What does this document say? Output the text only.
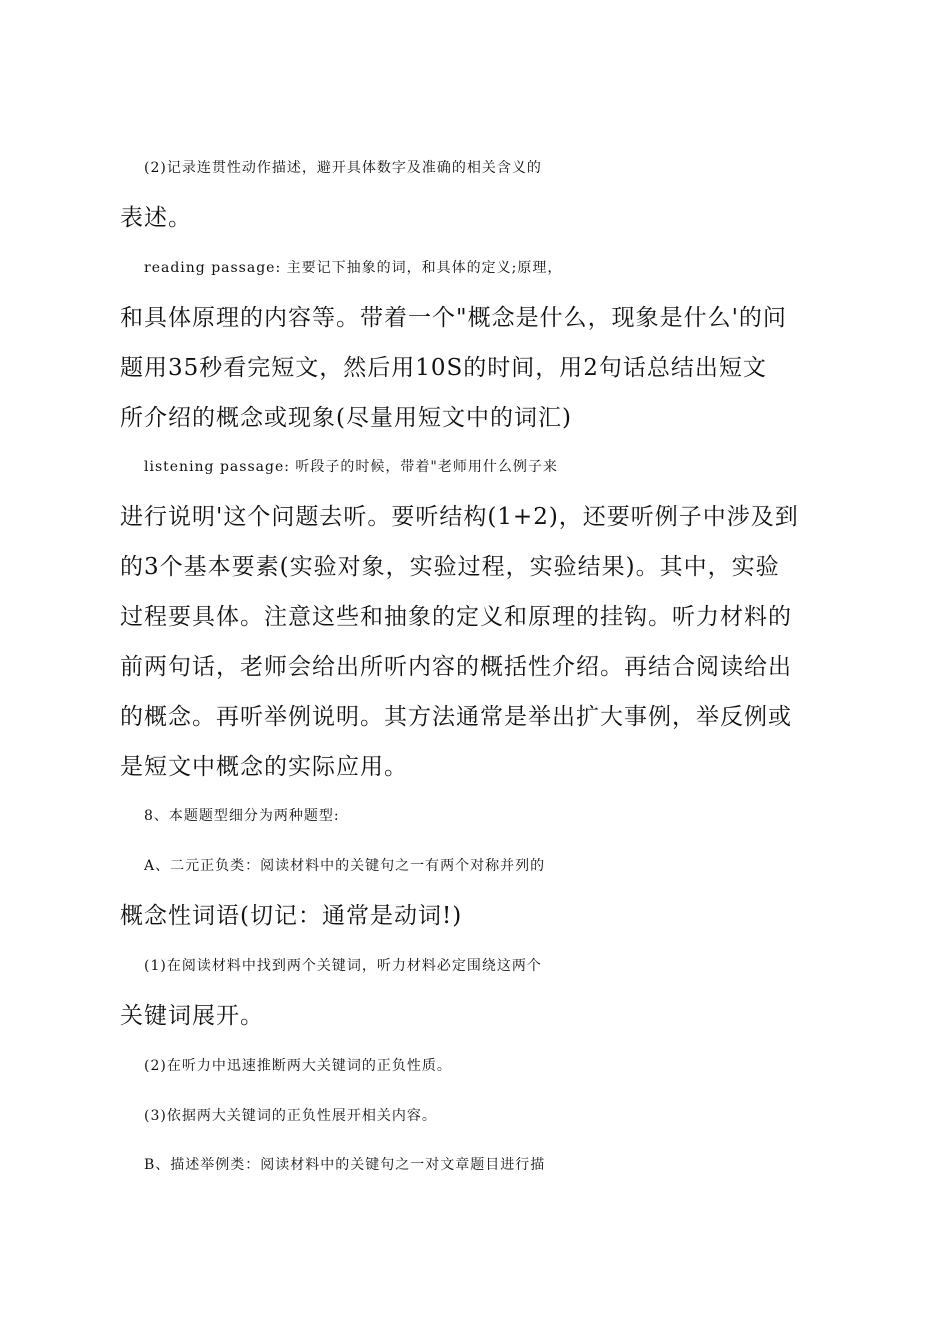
(2)记录连贯性动作描述，避开具体数字及准确的相关含义的
表述。
reading passage: 主要记下抽象的词，和具体的定义;原理，
和具体原理的内容等。带着一个"概念是什么，现象是什么'的问
题用35秒看完短文，然后用10S的时间，用2句话总结出短文
所介绍的概念或现象(尽量用短文中的词汇)
listening passage: 听段子的时候，带着"老师用什么例子来
进行说明'这个问题去听。要听结构(1+2)，还要听例子中涉及到
的3个基本要素(实验对象，实验过程，实验结果)。其中，实验
过程要具体。注意这些和抽象的定义和原理的挂钩。听力材料的
前两句话，老师会给出所听内容的概括性介绍。再结合阅读给出
的概念。再听举例说明。其方法通常是举出扩大事例，举反例或
是短文中概念的实际应用。
8、本题题型细分为两种题型:
A、二元正负类：阅读材料中的关键句之一有两个对称并列的
概念性词语(切记：通常是动词!)
(1)在阅读材料中找到两个关键词，听力材料必定围绕这两个
关键词展开。
(2)在听力中迅速推断两大关键词的正负性质。
(3)依据两大关键词的正负性展开相关内容。
B、描述举例类：阅读材料中的关键句之一对文章题目进行描
